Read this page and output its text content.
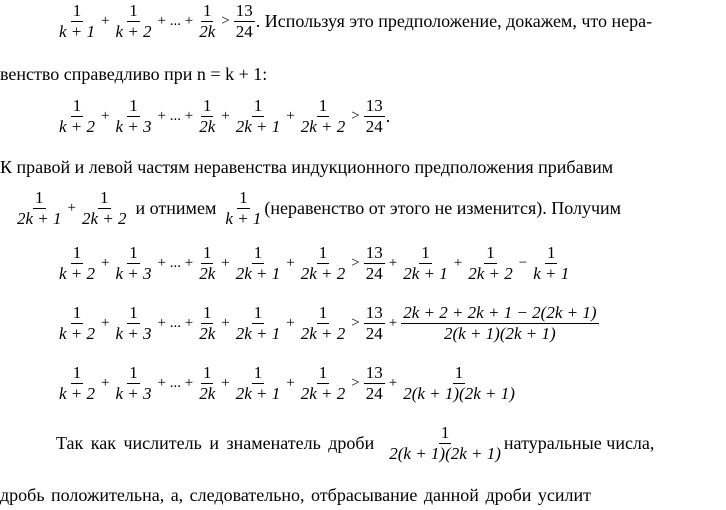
$\frac{1}{k + 1} + \frac{1}{k + 2}$ + ... + $\frac{1}{2k} > \frac{13}{24}$ . Используя это предположение, докажем, что нера-
венство справедливо при n = k + 1:
$\frac{1}{k + 2} + \frac{1}{k + 3}$ + ... + $\frac{1}{2k} + \frac{1}{2k + 1} + \frac{1}{2k + 2} > \frac{13}{24}$ .
К правой и левой частям неравенства индукционного предположения прибавим
$\frac{1}{2k + 1} + \frac{1}{2k + 2}$ и отнимем $\frac{1}{k + 1}$ (неравенство от этого не изменится). Получим
$\frac{1}{k + 2} + \frac{1}{k + 3}$ + ... + $\frac{1}{2k} + \frac{1}{2k + 1} + \frac{1}{2k + 2} > \frac{13}{24} + \frac{1}{2k + 1} + \frac{1}{2k + 2} - \frac{1}{k + 1}$
$\frac{1}{k + 2} + \frac{1}{k + 3}$ + ... + $\frac{1}{2k} + \frac{1}{2k + 1} + \frac{1}{2k + 2} > \frac{13}{24} + \frac{2k + 2 + 2k + 1 - 2(2k + 1)}{2(k + 1)(2k + 1)}$
$\frac{1}{k + 2} + \frac{1}{k + 3}$ + ... + $\frac{1}{2k} + \frac{1}{2k + 1} + \frac{1}{2k + 2} > \frac{13}{24} + \frac{1}{2(k + 1)(2k + 1)}$
Так как числитель и знаменатель дроби $\frac{1}{2(k + 1)(2k + 1)}$ натуральные числа,
дробь положительна, а, следовательно, отбрасывание данной дроби усилит
